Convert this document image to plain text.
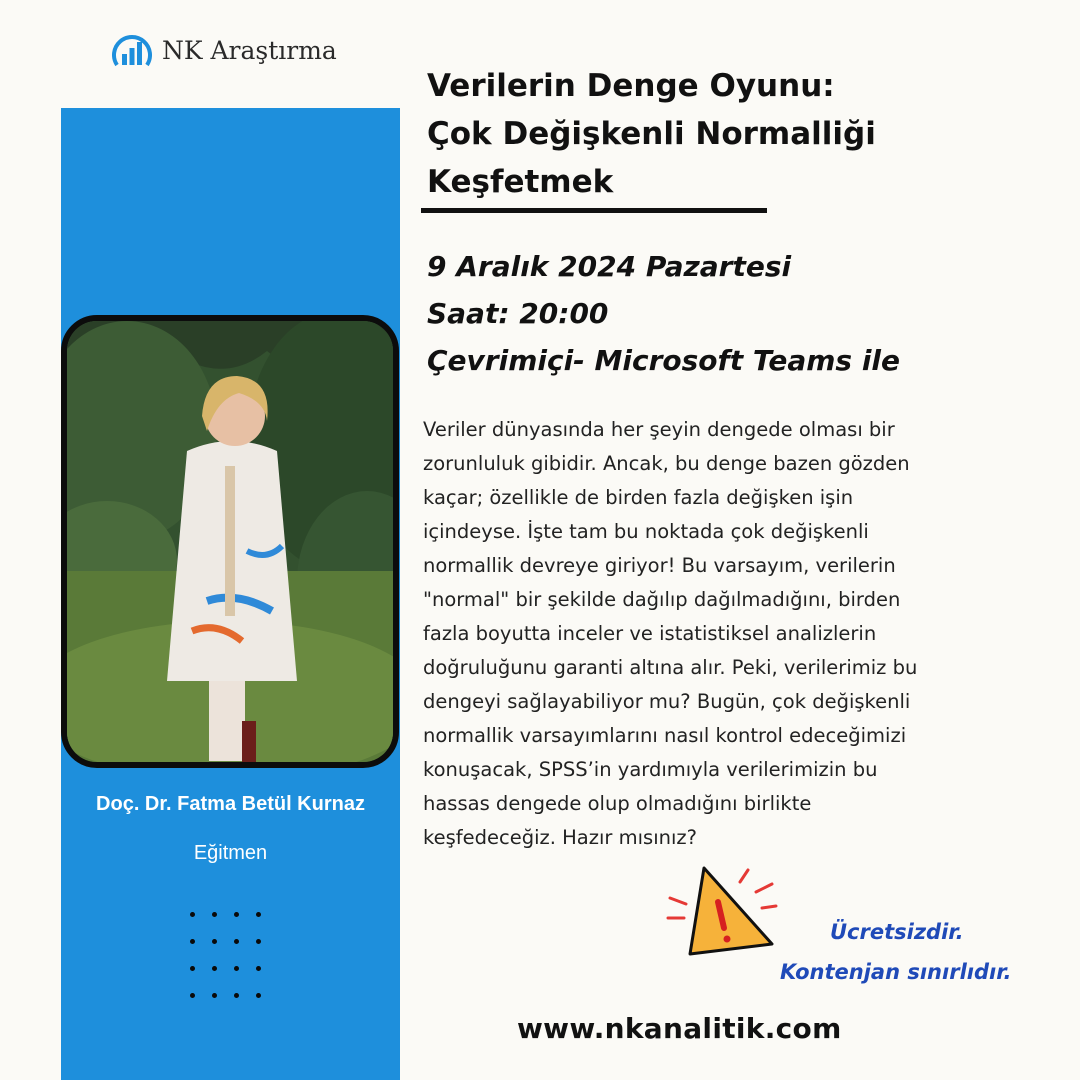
NK Araştırma
Doç. Dr. Fatma Betül Kurnaz
Eğitmen
Verilerin Denge Oyunu:
Çok Değişkenli Normalliği
Keşfetmek
9 Aralık 2024 Pazartesi
Saat: 20:00
Çevrimiçi- Microsoft Teams ile

Veriler dünyasında her şeyin dengede olması bir
zorunluluk gibidir. Ancak, bu denge bazen gözden
kaçar; özellikle de birden fazla değişken işin
içindeyse. İşte tam bu noktada çok değişkenli
normallik devreye giriyor! Bu varsayım, verilerin
"normal" bir şekilde dağılıp dağılmadığını, birden
fazla boyutta inceler ve istatistiksel analizlerin
doğruluğunu garanti altına alır. Peki, verilerimiz bu
dengeyi sağlayabiliyor mu? Bugün, çok değişkenli
normallik varsayımlarını nasıl kontrol edeceğimizi
konuşacak, SPSS’in yardımıyla verilerimizin bu
hassas dengede olup olmadığını birlikte
keşfedeceğiz. Hazır mısınız?

Ücretsizdir.
Kontenjan sınırlıdır.
www.nkanalitik.com
